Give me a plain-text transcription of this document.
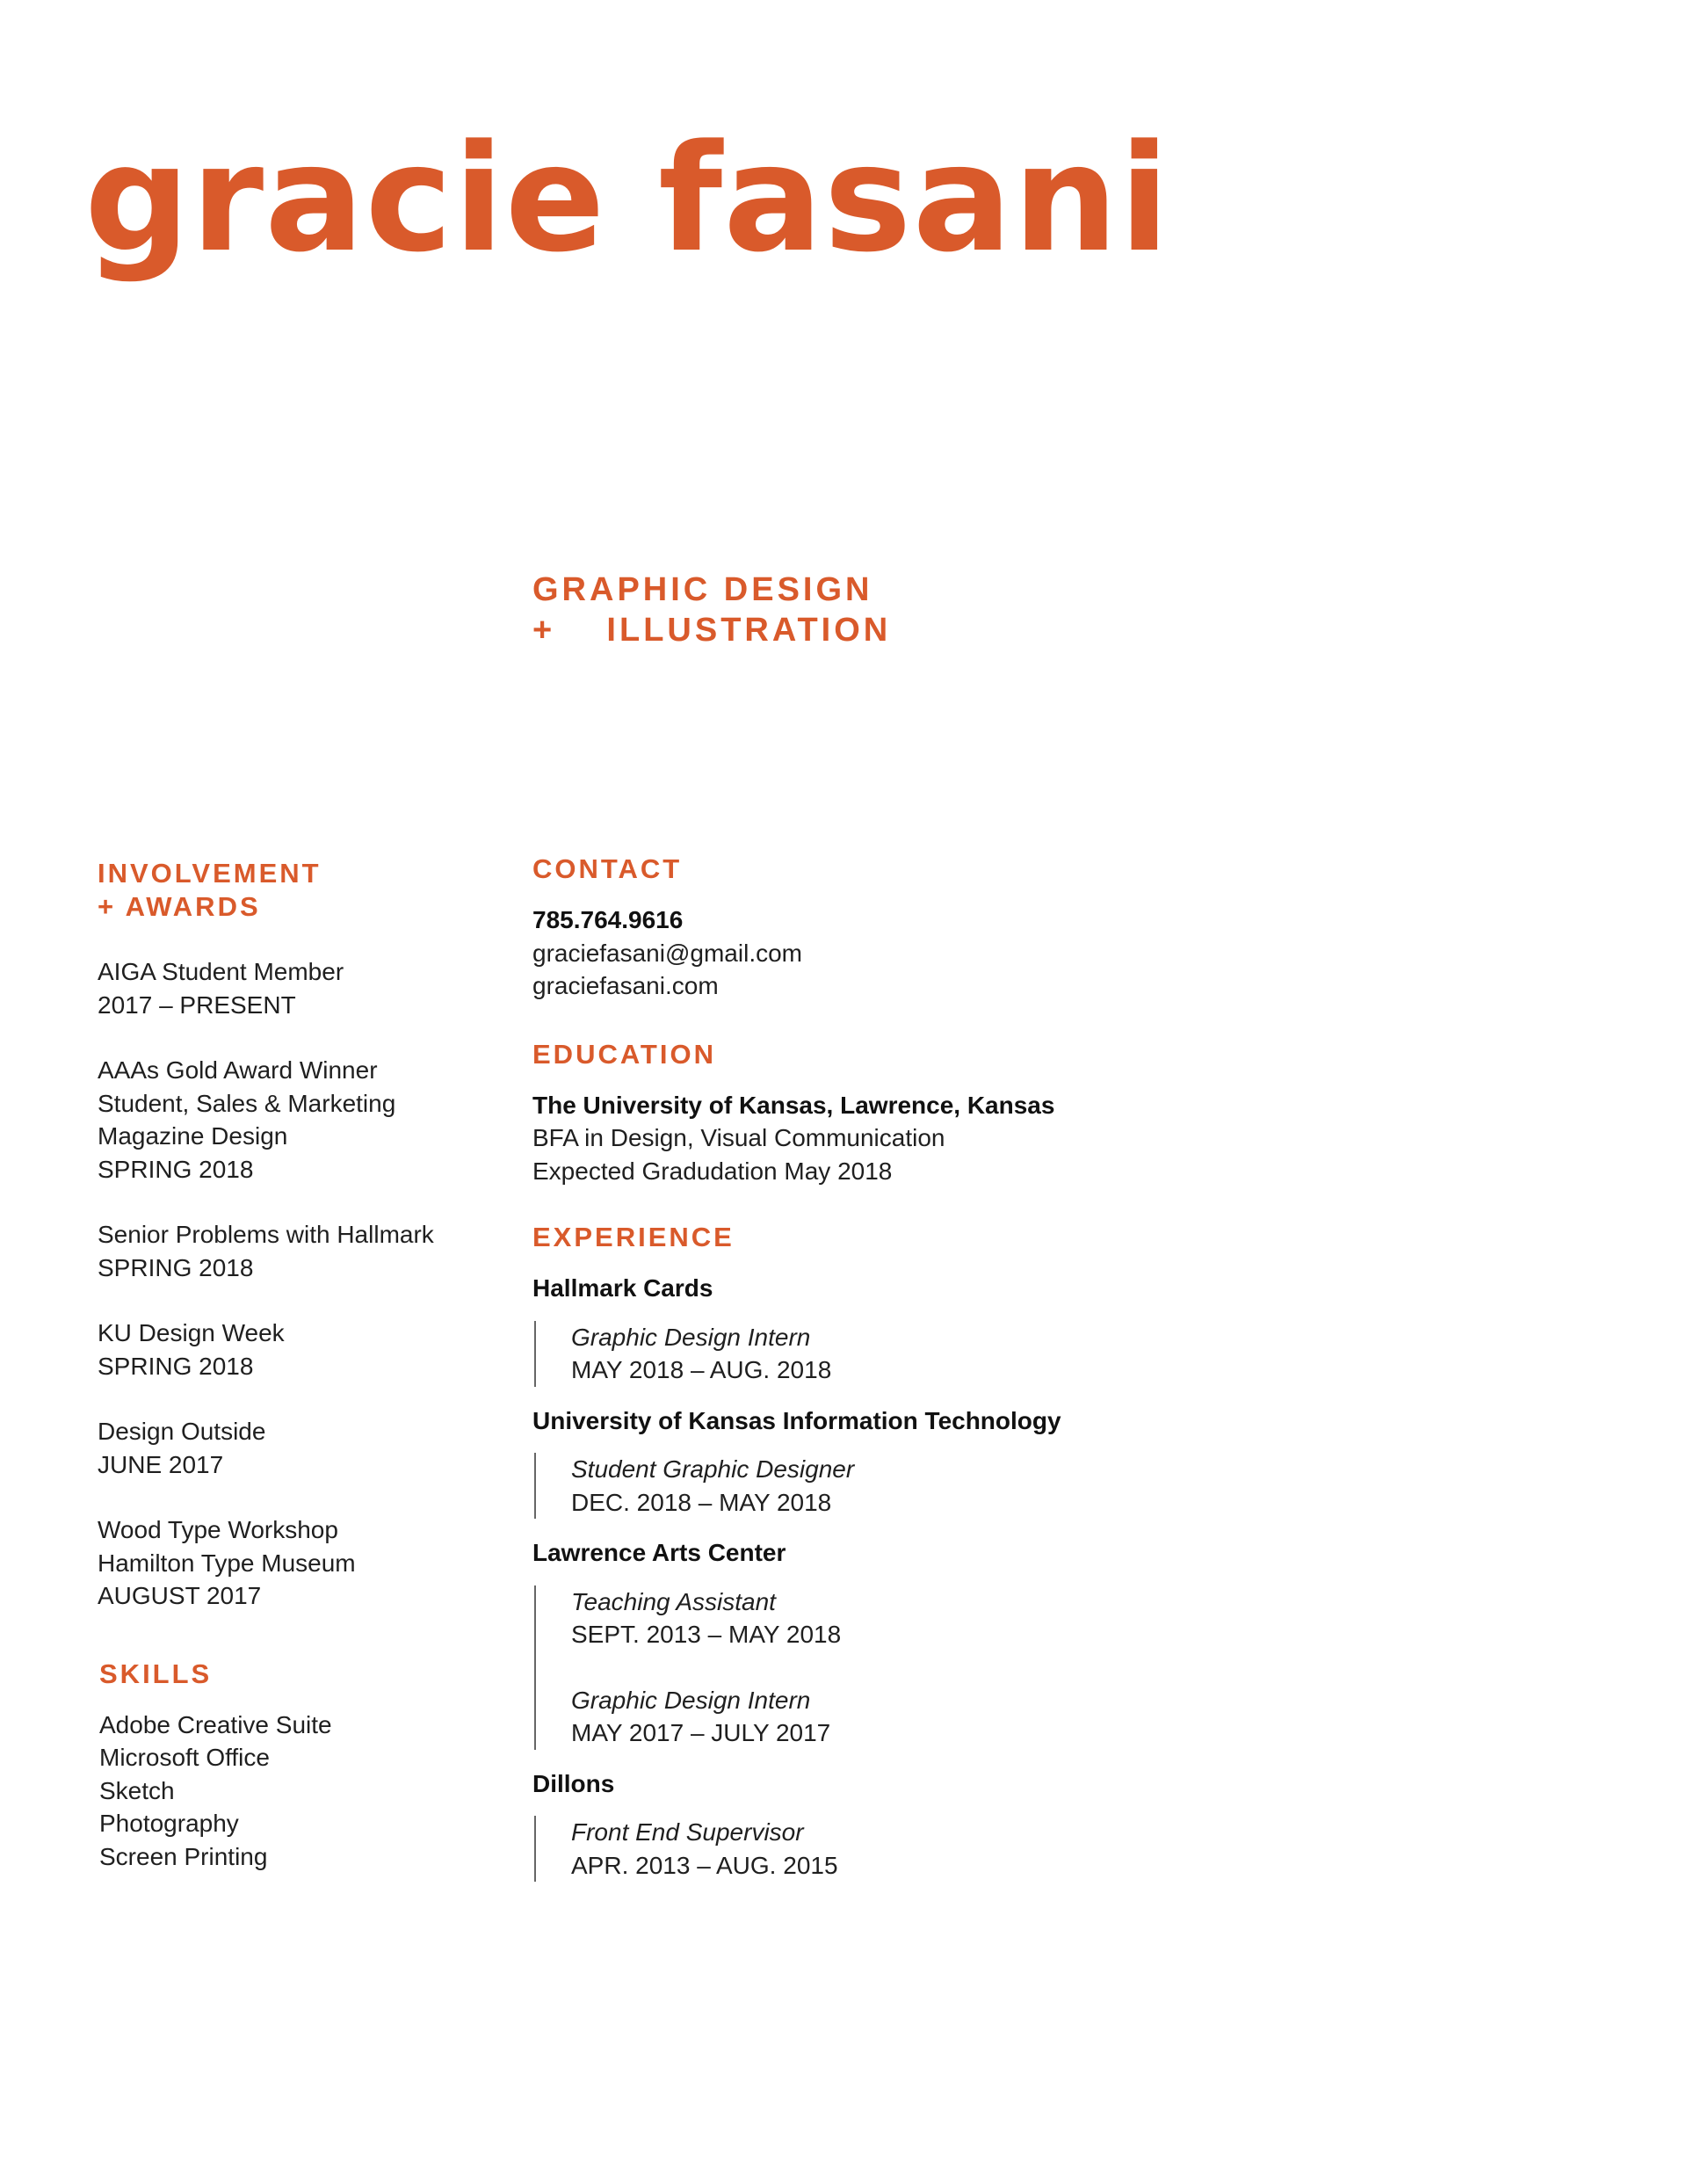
gracie fasani
GRAPHIC DESIGN
+    ILLUSTRATION
INVOLVEMENT
+ AWARDS
AIGA Student Member
2017 – PRESENT
AAAs Gold Award Winner
Student, Sales & Marketing
Magazine Design
SPRING 2018
Senior Problems with Hallmark
SPRING 2018
KU Design Week
SPRING 2018
Design Outside
JUNE 2017
Wood Type Workshop
Hamilton Type Museum
AUGUST 2017
SKILLS
Adobe Creative Suite
Microsoft Office
Sketch
Photography
Screen Printing
CONTACT
785.764.9616
graciefasani@gmail.com
graciefasani.com
EDUCATION
The University of Kansas, Lawrence, Kansas
BFA in Design, Visual Communication
Expected Gradudation May 2018
EXPERIENCE
Hallmark Cards
Graphic Design Intern
MAY 2018 – AUG. 2018
University of Kansas Information Technology
Student Graphic Designer
DEC. 2018 – MAY 2018
Lawrence Arts Center
Teaching Assistant
SEPT. 2013 – MAY 2018
Graphic Design Intern
MAY 2017 – JULY 2017
Dillons
Front End Supervisor
APR. 2013 – AUG. 2015
